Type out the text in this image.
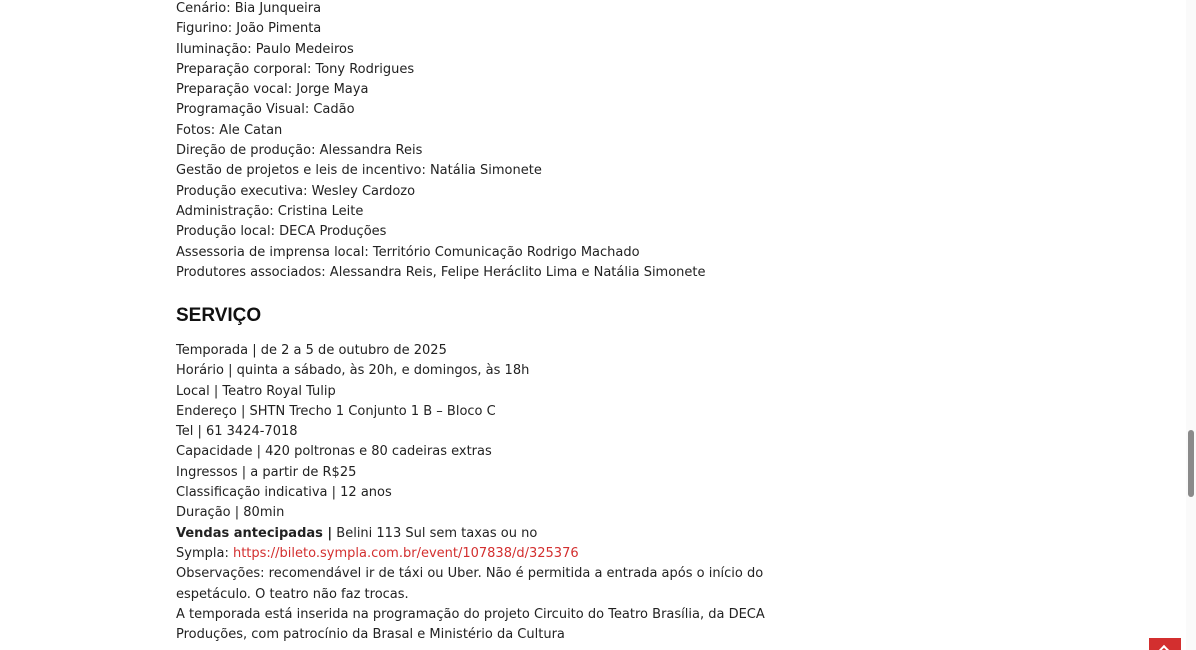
Cenário: Bia Junqueira

Figurino: João Pimenta

Iluminação: Paulo Medeiros

Preparação corporal: Tony Rodrigues

Preparação vocal: Jorge Maya

Programação Visual: Cadão

Fotos: Ale Catan

Direção de produção: Alessandra Reis

Gestão de projetos e leis de incentivo: Natália Simonete

Produção executiva: Wesley Cardozo

Administração: Cristina Leite

Produção local: DECA Produções

Assessoria de imprensa local: Território Comunicação Rodrigo Machado

Produtores associados: Alessandra Reis, Felipe Heráclito Lima e Natália Simonete

SERVIÇO

Temporada | de 2 a 5 de outubro de 2025

Horário | quinta a sábado, às 20h, e domingos, às 18h

Local | Teatro Royal Tulip

Endereço | SHTN Trecho 1 Conjunto 1 B – Bloco C

Tel | 61 3424-7018

Capacidade | 420 poltronas e 80 cadeiras extras

Ingressos | a partir de R$25

Classificação indicativa | 12 anos

Duração | 80min

Vendas antecipadas | Belini 113 Sul sem taxas ou no

Sympla: https://bileto.sympla.com.br/event/107838/d/325376

Observações: recomendável ir de táxi ou Uber. Não é permitida a entrada após o início do

espetáculo. O teatro não faz trocas.

A temporada está inserida na programação do projeto Circuito do Teatro Brasília, da DECA

Produções, com patrocínio da Brasal e Ministério da Cultura
